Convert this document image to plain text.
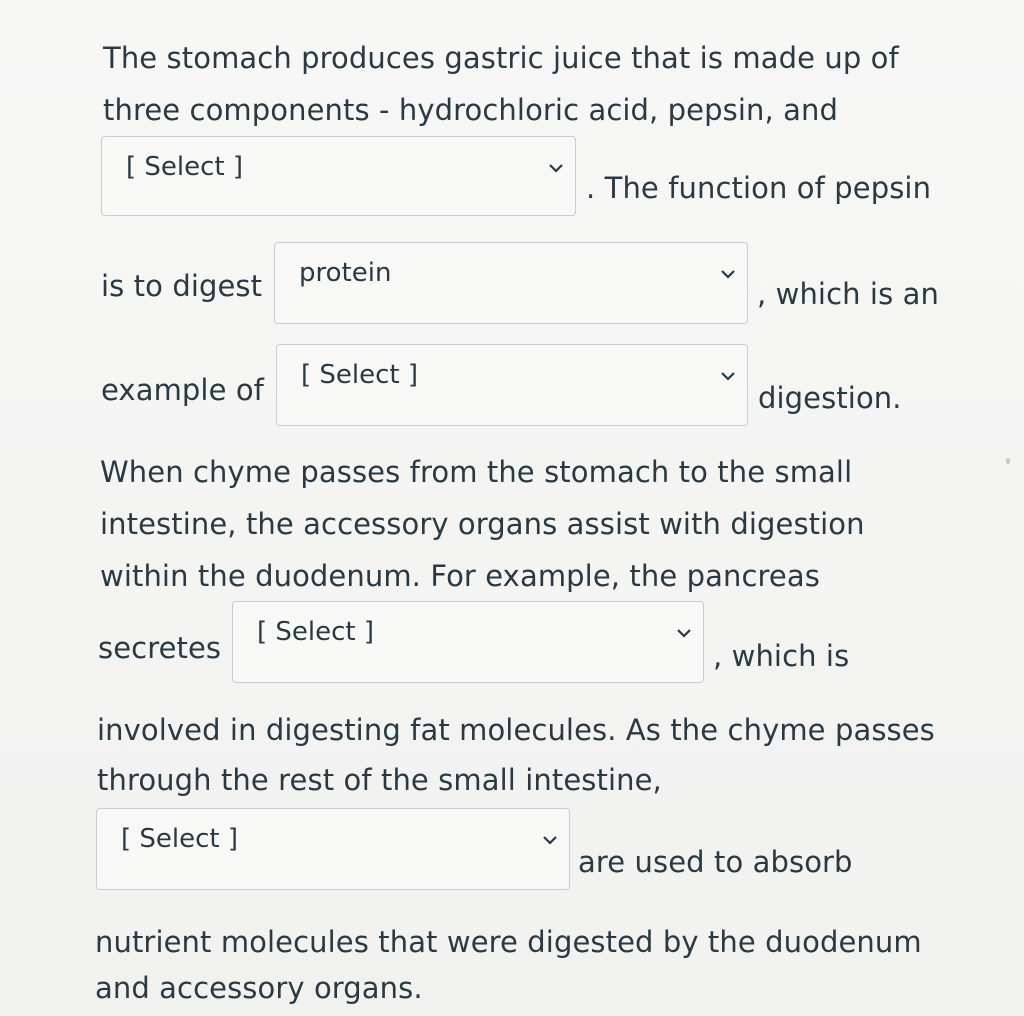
The stomach produces gastric juice that is made up of
three components - hydrochloric acid, pepsin, and
[ Select ]
. The function of pepsin
is to digest protein
, which is an
example of [ Select ]
digestion.
When chyme passes from the stomach to the small
intestine, the accessory organs assist with digestion
within the duodenum. For example, the pancreas
secretes [ Select ]
, which is
involved in digesting fat molecules. As the chyme passes
through the rest of the small intestine,
[ Select ]
are used to absorb
nutrient molecules that were digested by the duodenum
and accessory organs.
